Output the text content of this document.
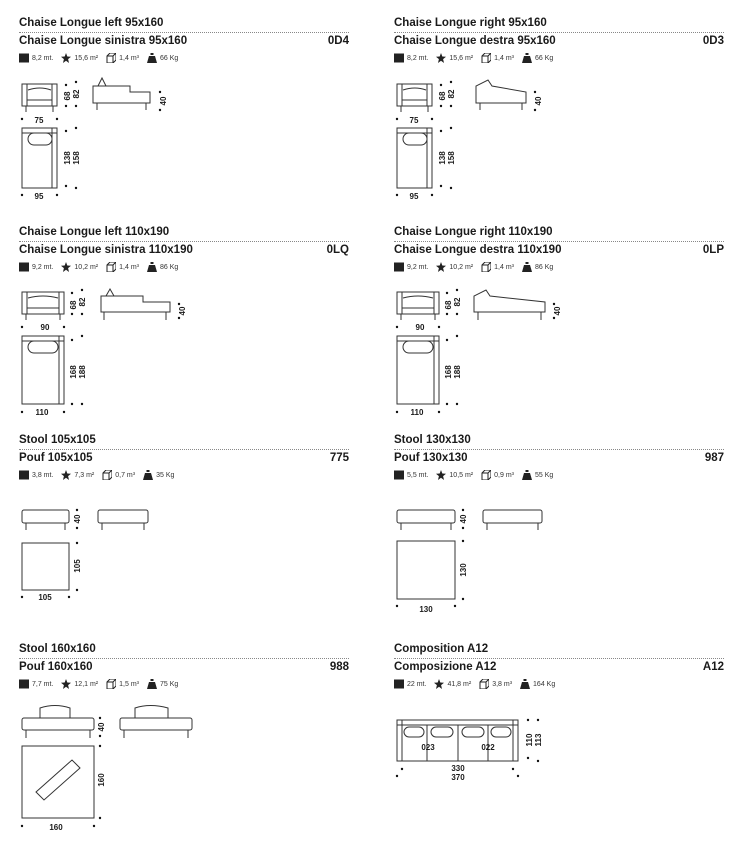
Chaise Longue left 95x160
Chaise Longue sinistra 95x160	0D4
8,2 mt.	15,6 m²	1,4 m³	66 Kg
Chaise Longue right 95x160
Chaise Longue destra 95x160	0D3
8,2 mt.	15,6 m²	1,4 m³	66 Kg
Chaise Longue left 110x190
Chaise Longue sinistra 110x190	0LQ
9,2 mt.	10,2 m²	1,4 m³	86 Kg
Chaise Longue right 110x190
Chaise Longue destra 110x190	0LP
9,2 mt.	10,2 m²	1,4 m³	86 Kg
Stool 105x105
Pouf 105x105	775
3,8 mt.	7,3 m²	0,7 m³	35 Kg
Stool 130x130
Pouf 130x130	987
5,5 mt.	10,5 m²	0,9 m³	55 Kg
Stool 160x160
Pouf 160x160	988
7,7 mt.	12,1 m²	1,5 m³	75 Kg
Composition A12
Composizione A12	A12
22 mt.	41,8 m²	3,8 m³	164 Kg
75
95
68 82
40
138 158
75
95
68 82
40
138 158
90
110
68 82
40
168 188
90
110
68 82
40
168 188
40
105
105
40
130
130
40
160
160
023	022
110 113
330
370
